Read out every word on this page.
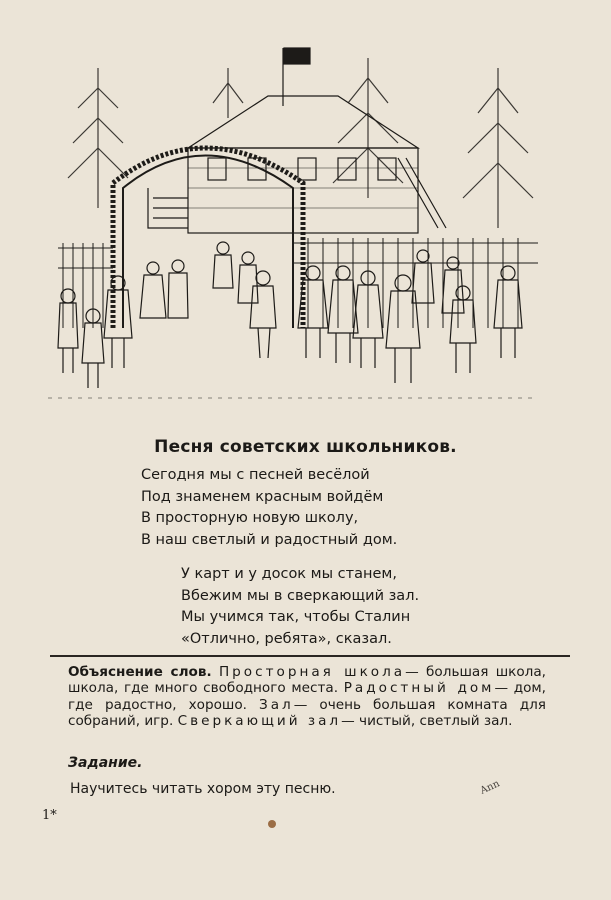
Песня советских школьников.
Сегодня мы с песней весёлой
Под знаменем красным войдём
В просторную новую школу,
В наш светлый и радостный дом.
У карт и у досок мы станем,
Вбежим мы в сверкающий зал.
Мы учимся так, чтобы Сталин
«Отлично, ребята», сказал.
Объяснение слов. Просторная школа— большая школа, школа, где много свободного места. Радостный дом— дом, где радостно, хорошо. Зал— очень большая комната для собраний, игр. Сверкающий зал— чистый, светлый зал.
Задание.
Научитесь читать хором эту песню.	Ann
1*
